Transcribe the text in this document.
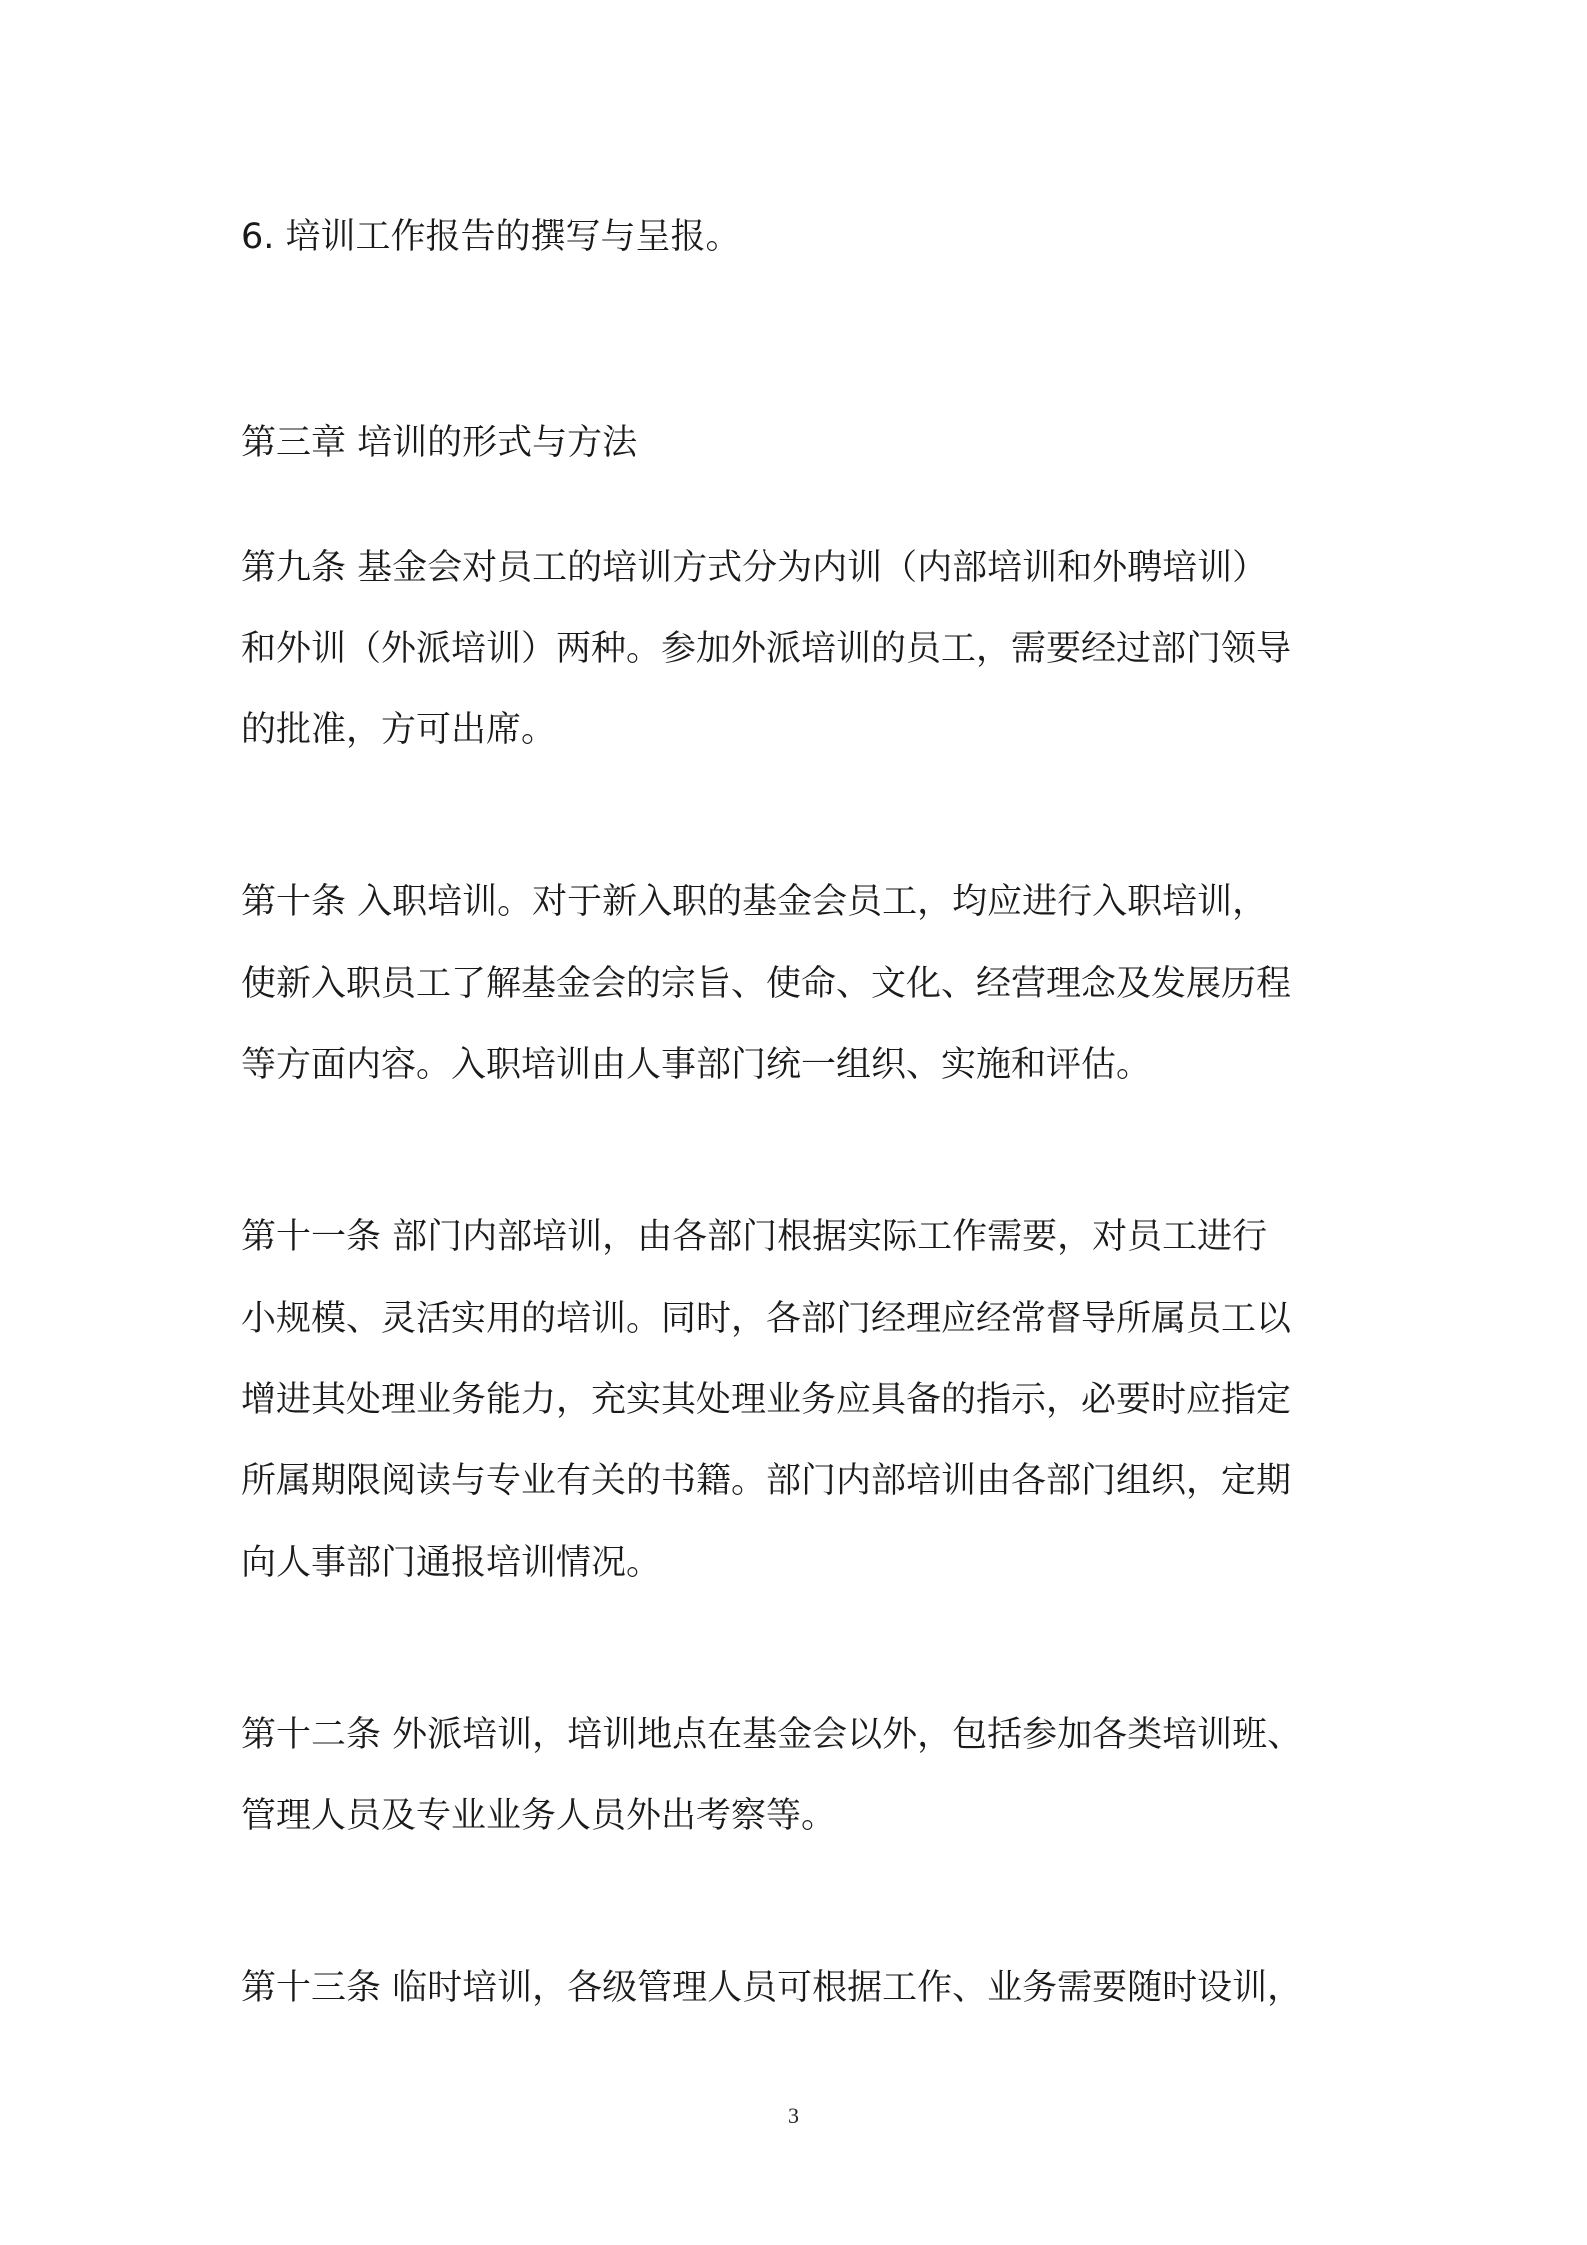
6. 培训工作报告的撰写与呈报。
第三章 培训的形式与方法
第九条 基金会对员工的培训方式分为内训（内部培训和外聘培训）
和外训（外派培训）两种。参加外派培训的员工，需要经过部门领导
的批准，方可出席。
第十条 入职培训。对于新入职的基金会员工，均应进行入职培训，
使新入职员工了解基金会的宗旨、使命、文化、经营理念及发展历程
等方面内容。入职培训由人事部门统一组织、实施和评估。
第十一条 部门内部培训，由各部门根据实际工作需要，对员工进行
小规模、灵活实用的培训。同时，各部门经理应经常督导所属员工以
增进其处理业务能力，充实其处理业务应具备的指示，必要时应指定
所属期限阅读与专业有关的书籍。部门内部培训由各部门组织，定期
向人事部门通报培训情况。
第十二条 外派培训，培训地点在基金会以外，包括参加各类培训班、
管理人员及专业业务人员外出考察等。
第十三条 临时培训，各级管理人员可根据工作、业务需要随时设训，
3
